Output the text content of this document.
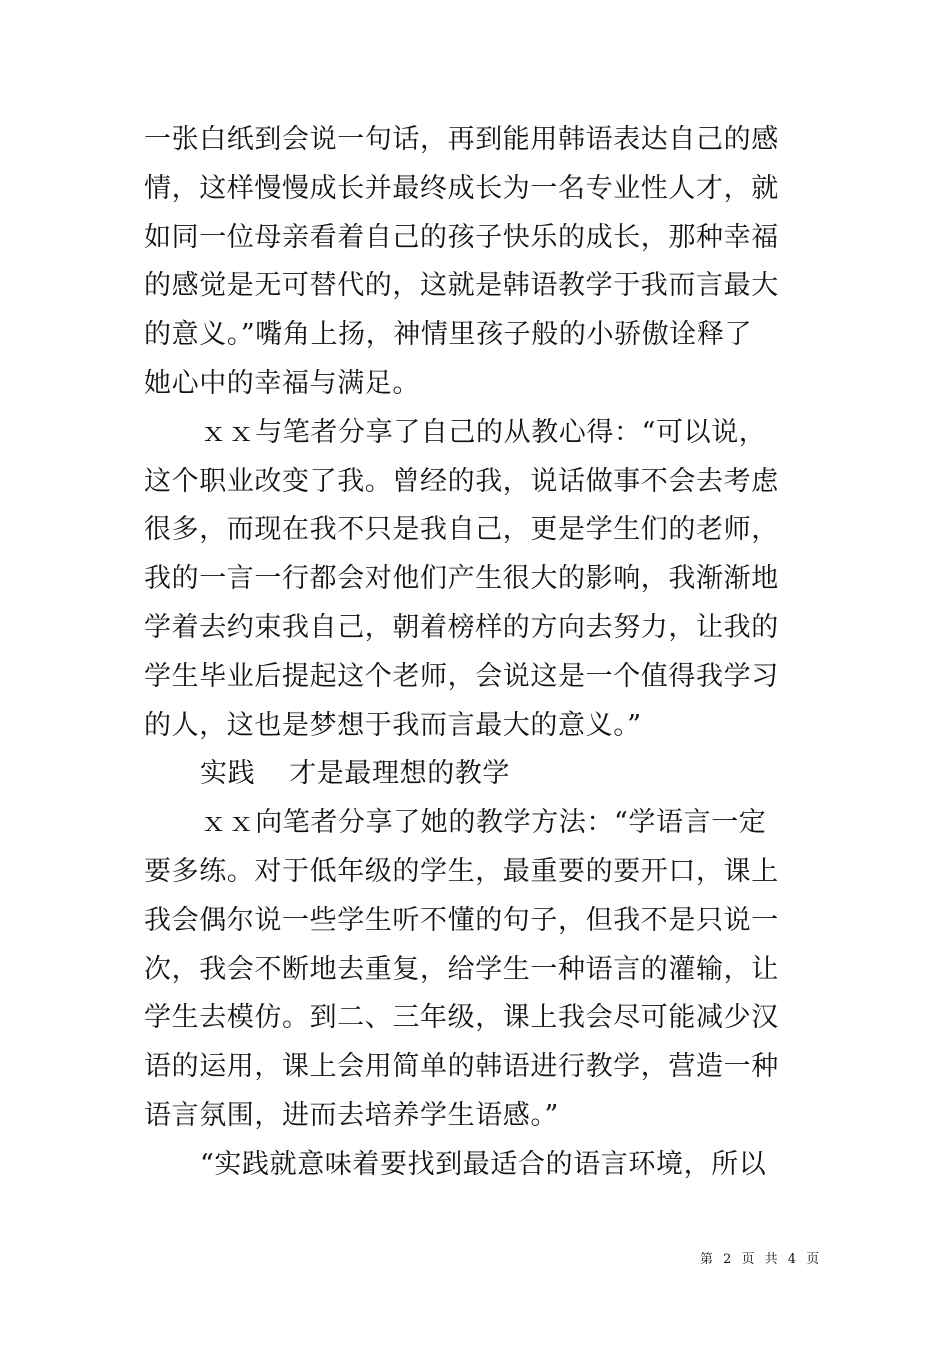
一张白纸到会说一句话，再到能用韩语表达自己的感
情，这样慢慢成长并最终成长为一名专业性人才，就
如同一位母亲看着自己的孩子快乐的成长，那种幸福
的感觉是无可替代的，这就是韩语教学于我而言最大
的意义。”嘴角上扬，神情里孩子般的小骄傲诠释了
她心中的幸福与满足。
ｘｘ与笔者分享了自己的从教心得：“可以说，
这个职业改变了我。曾经的我，说话做事不会去考虑
很多，而现在我不只是我自己，更是学生们的老师，
我的一言一行都会对他们产生很大的影响，我渐渐地
学着去约束我自己，朝着榜样的方向去努力，让我的
学生毕业后提起这个老师，会说这是一个值得我学习
的人，这也是梦想于我而言最大的意义。”
实践 才是最理想的教学
ｘｘ向笔者分享了她的教学方法：“学语言一定
要多练。对于低年级的学生，最重要的要开口，课上
我会偶尔说一些学生听不懂的句子，但我不是只说一
次，我会不断地去重复，给学生一种语言的灌输，让
学生去模仿。到二、三年级，课上我会尽可能减少汉
语的运用，课上会用简单的韩语进行教学，营造一种
语言氛围，进而去培养学生语感。”
“实践就意味着要找到最适合的语言环境，所以
第 2 页 共 4 页
